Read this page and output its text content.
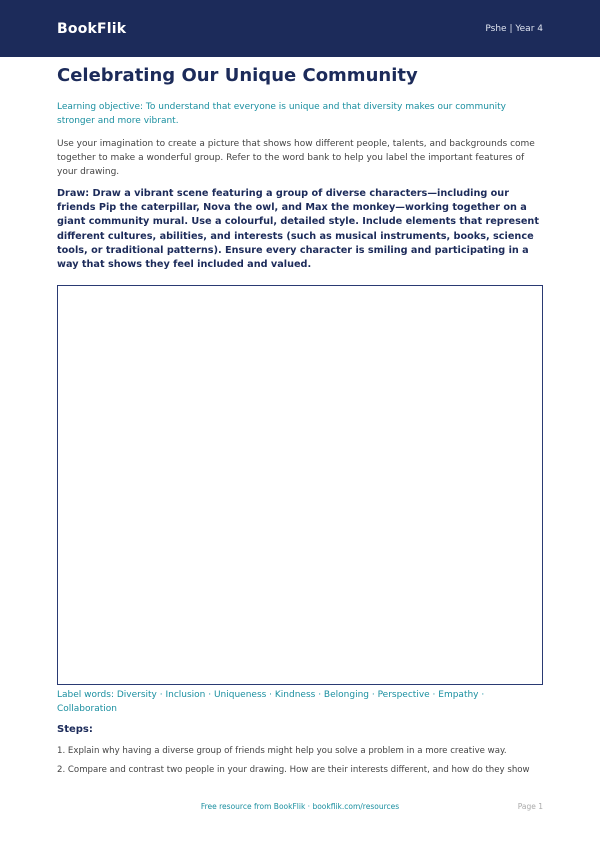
BookFlik	Pshe | Year 4
Celebrating Our Unique Community

Learning objective: To understand that everyone is unique and that diversity makes our community stronger and more vibrant.

Use your imagination to create a picture that shows how different people, talents, and backgrounds come together to make a wonderful group. Refer to the word bank to help you label the important features of your drawing.

Draw: Draw a vibrant scene featuring a group of diverse characters—including our friends Pip the caterpillar, Nova the owl, and Max the monkey—working together on a giant community mural. Use a colourful, detailed style. Include elements that represent different cultures, abilities, and interests (such as musical instruments, books, science tools, or traditional patterns). Ensure every character is smiling and participating in a way that shows they feel included and valued.

Label words: Diversity · Inclusion · Uniqueness · Kindness · Belonging · Perspective · Empathy · Collaboration

Steps:
1. Explain why having a diverse group of friends might help you solve a problem in a more creative way.
2. Compare and contrast two people in your drawing. How are their interests different, and how do they show
Free resource from BookFlik · bookflik.com/resources	Page 1
